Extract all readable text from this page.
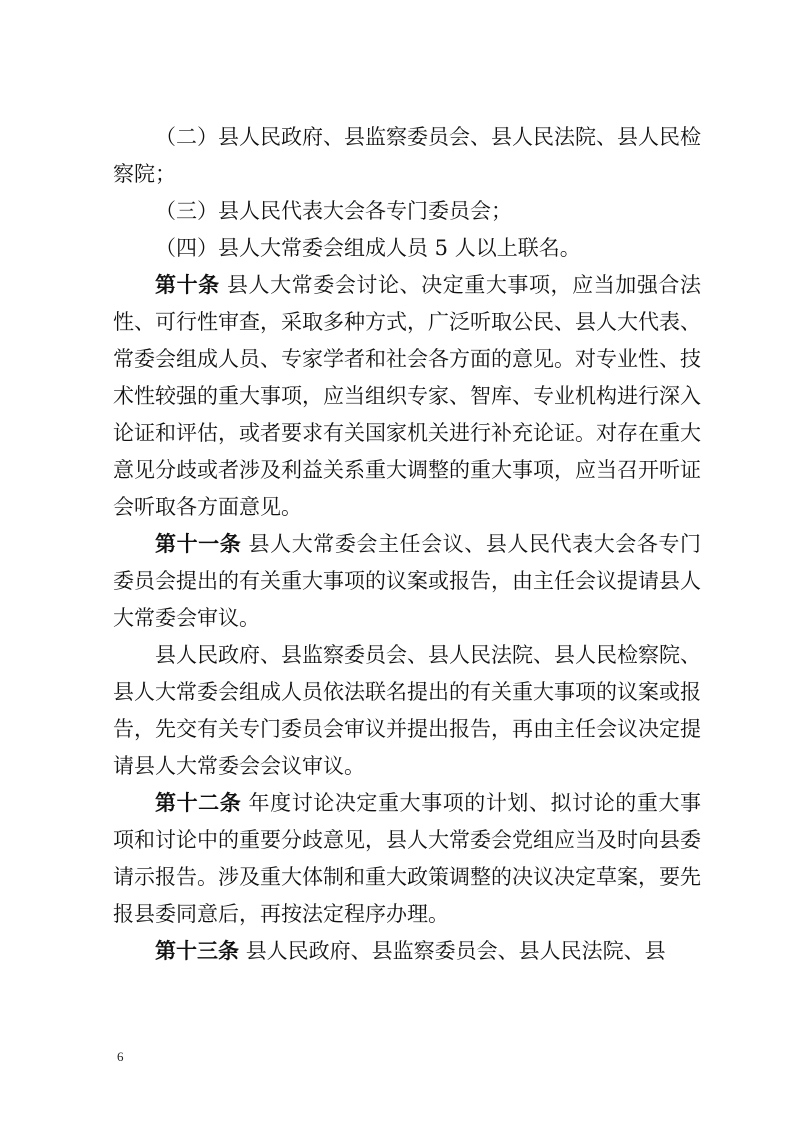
（二）县人民政府、县监察委员会、县人民法院、县人民检察院；

（三）县人民代表大会各专门委员会；

（四）县人大常委会组成人员 5 人以上联名。

第十条 县人大常委会讨论、决定重大事项，应当加强合法性、可行性审查，采取多种方式，广泛听取公民、县人大代表、常委会组成人员、专家学者和社会各方面的意见。对专业性、技术性较强的重大事项，应当组织专家、智库、专业机构进行深入论证和评估，或者要求有关国家机关进行补充论证。对存在重大意见分歧或者涉及利益关系重大调整的重大事项，应当召开听证会听取各方面意见。

第十一条 县人大常委会主任会议、县人民代表大会各专门委员会提出的有关重大事项的议案或报告，由主任会议提请县人大常委会审议。

县人民政府、县监察委员会、县人民法院、县人民检察院、县人大常委会组成人员依法联名提出的有关重大事项的议案或报告，先交有关专门委员会审议并提出报告，再由主任会议决定提请县人大常委会会议审议。

第十二条 年度讨论决定重大事项的计划、拟讨论的重大事项和讨论中的重要分歧意见，县人大常委会党组应当及时向县委请示报告。涉及重大体制和重大政策调整的决议决定草案，要先报县委同意后，再按法定程序办理。

第十三条 县人民政府、县监察委员会、县人民法院、县

6
